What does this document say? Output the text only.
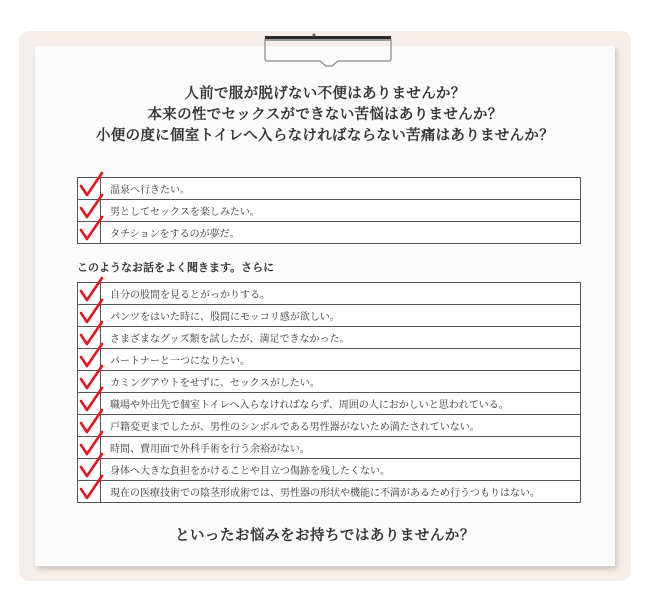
人前で服が脱げない不便はありませんか？
本来の性でセックスができない苦悩はありませんか？
小便の度に個室トイレへ入らなければならない苦痛はありませんか？
	温泉へ行きたい。

	男としてセックスを楽しみたい。

	タチションをするのが夢だ。
このようなお話をよく聞きます。さらに
	自分の股間を見るとがっかりする。

	パンツをはいた時に、股間にモッコリ感が欲しい。

	さまざまなグッズ類を試したが、満足できなかった。

	パートナーと一つになりたい。

	カミングアウトをせずに、セックスがしたい。

	職場や外出先で個室トイレへ入らなければならず、周囲の人におかしいと思われている。

	戸籍変更までしたが、男性のシンボルである男性器がないため満たされていない。

	時間、費用面で外科手術を行う余裕がない。

	身体へ大きな負担をかけることや目立つ傷跡を残したくない。

	現在の医療技術での陰茎形成術では、男性器の形状や機能に不満があるため行うつもりはない。
といったお悩みをお持ちではありませんか？
